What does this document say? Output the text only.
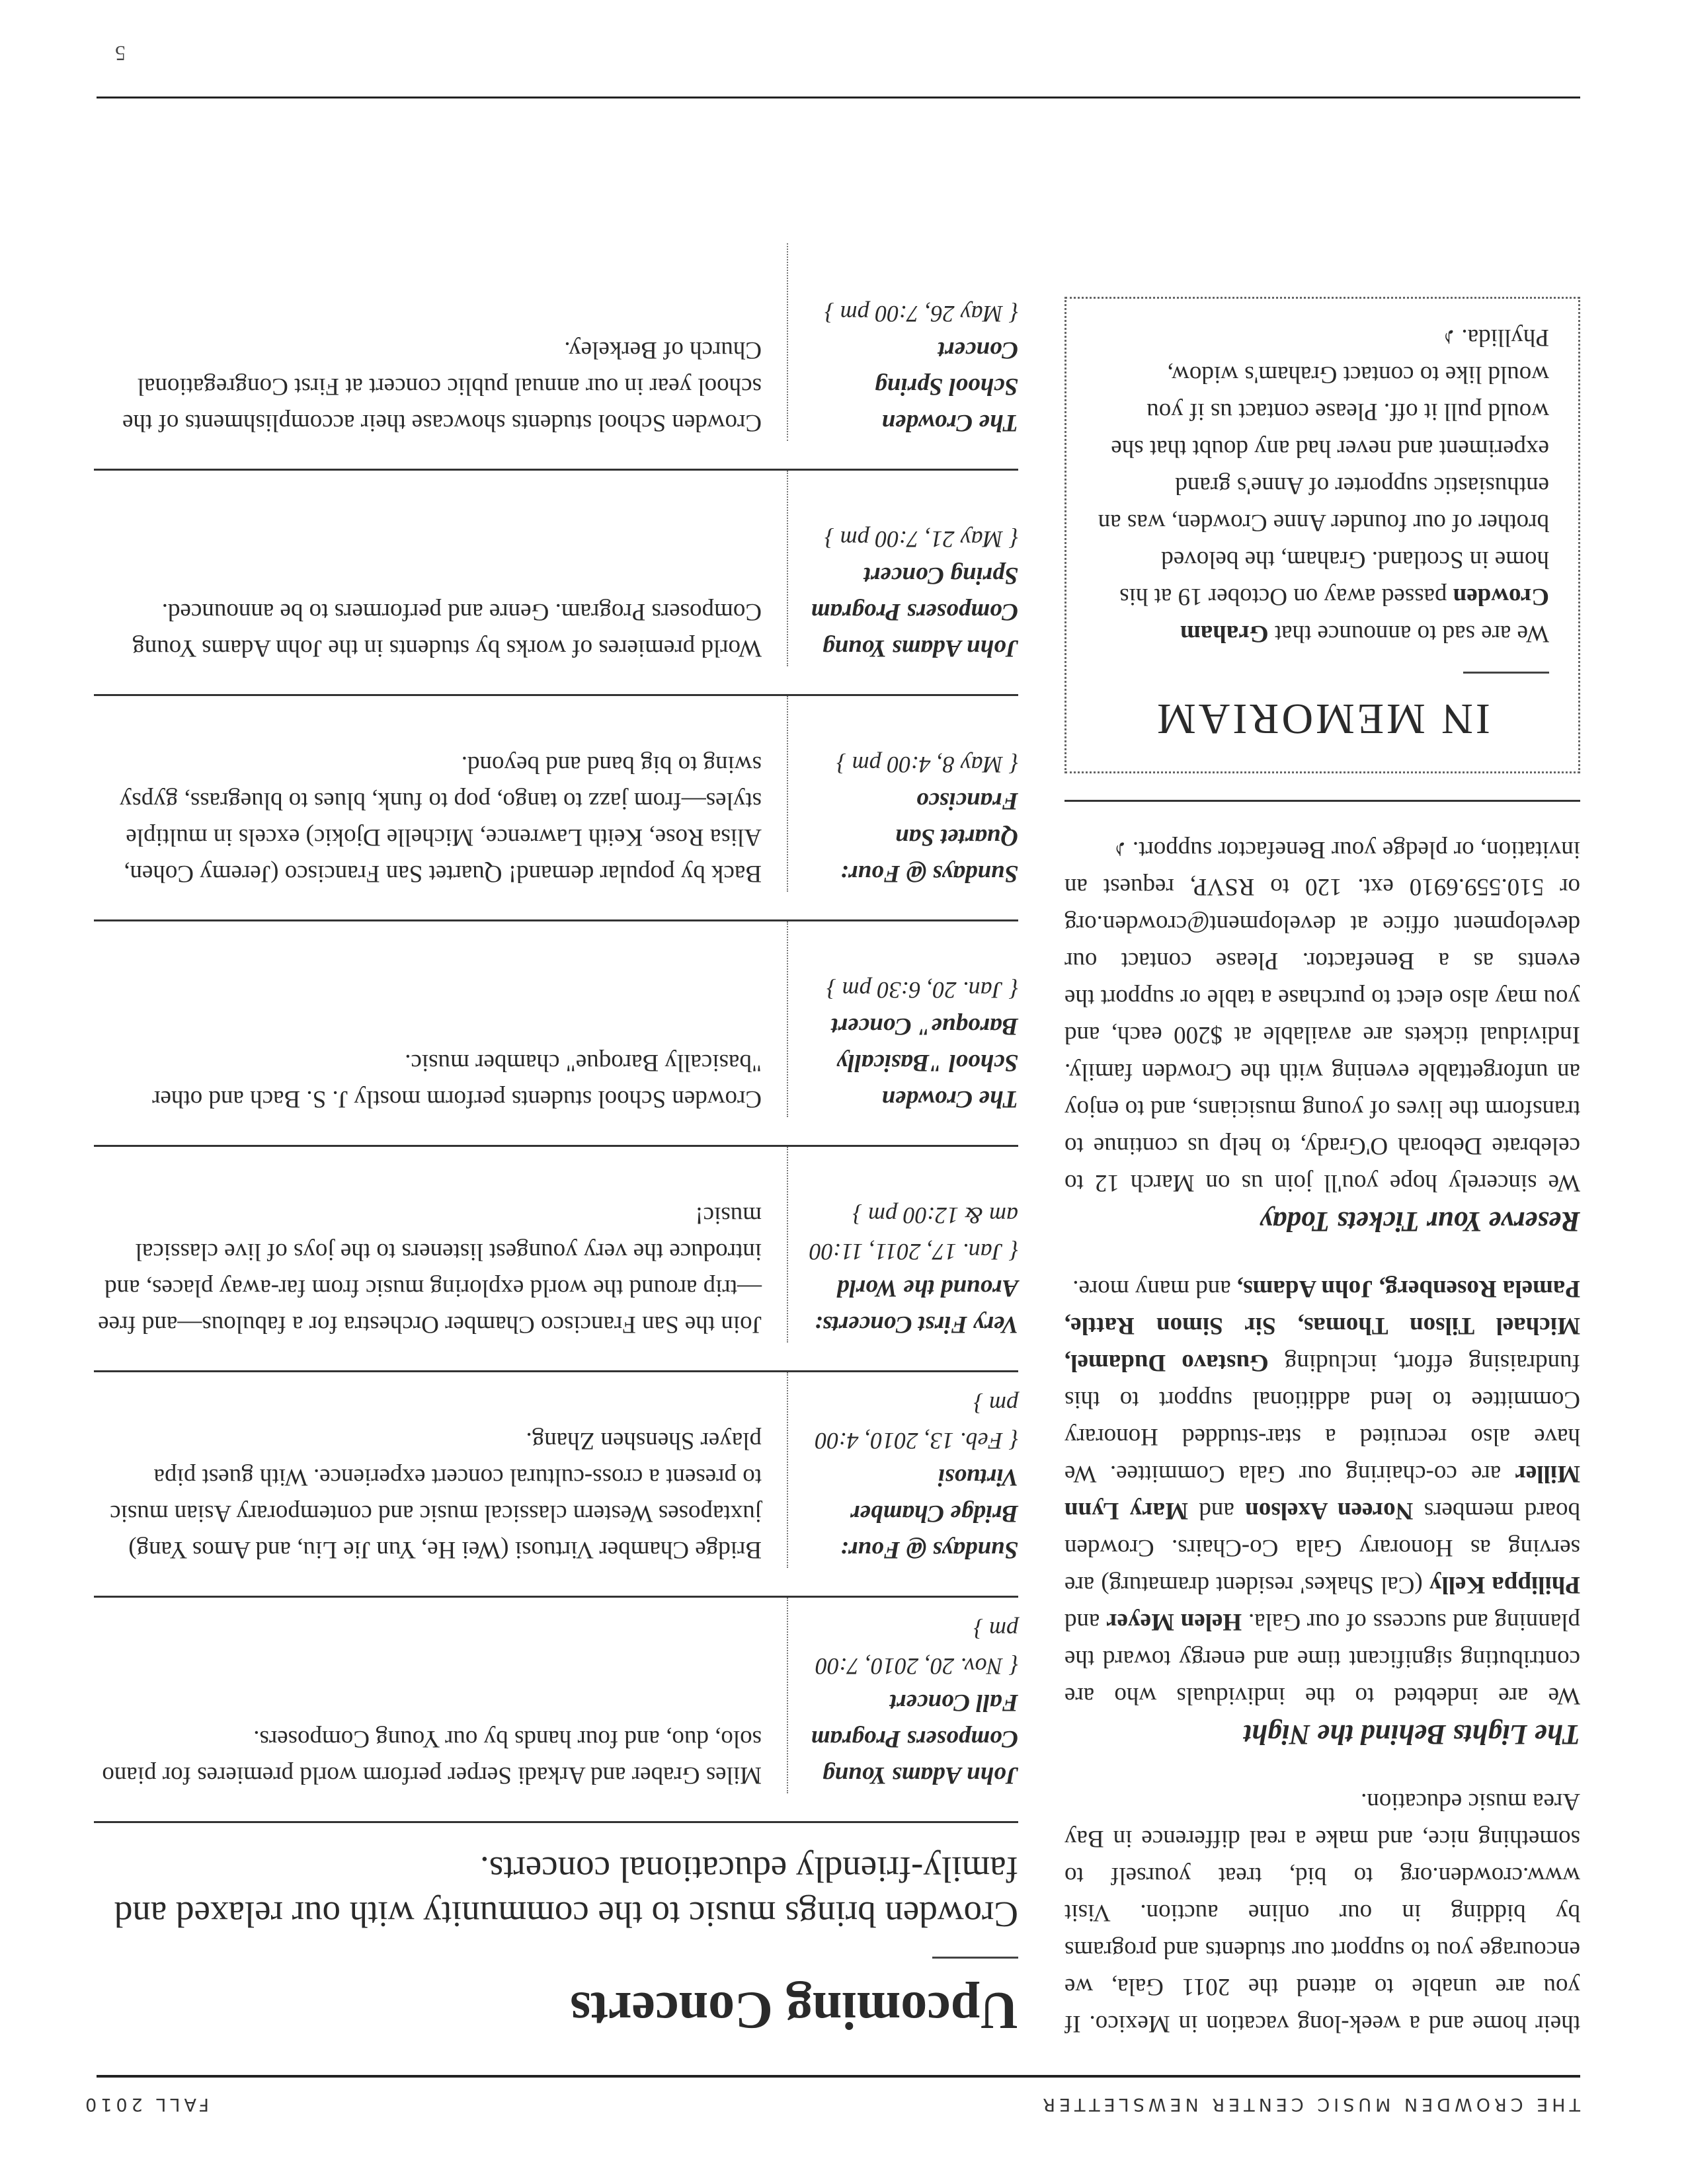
THE CROWDEN MUSIC CENTER NEWSLETTER
FALL 2010

their home and a week-long vacation in Mexico. If you are unable to attend the 2011 Gala, we encourage you to support our students and programs by bidding in our online auction. Visit www.crowden.org to bid, treat yourself to something nice, and make a real difference in Bay Area music education.

The Lights Behind the Night

We are indebted to the individuals who are contributing significant time and energy toward the planning and success of our Gala. Helen Meyer and Philippa Kelly (Cal Shakes' resident dramaturg) are serving as Honorary Gala Co-Chairs. Crowden board members Noreen Axelson and Mary Lynn Miller are co-chairing our Gala Committee. We have also recruited a star-studded Honorary Committee to lend additional support to this fundraising effort, including Gustavo Dudamel, Michael Tilson Thomas, Sir Simon Rattle, Pamela Rosenberg, John Adams, and many more.

Reserve Your Tickets Today

We sincerely hope you'll join us on March 12 to celebrate Deborah O'Grady, to help us continue to transform the lives of young musicians, and to enjoy an unforgettable evening with the Crowden family. Individual tickets are available at $200 each, and you may also elect to purchase a table or support the events as a Benefactor. Please contact our development office at development@crowden.org or 510.559.6910 ext. 120 to RSVP, request an invitation, or pledge your Benefactor support. ♪

IN MEMORIAM

We are sad to announce that Graham Crowden passed away on October 19 at his home in Scotland. Graham, the beloved brother of our founder Anne Crowden, was an enthusiastic supporter of Anne's grand experiment and never had any doubt that she would pull it off. Please contact us if you would like to contact Graham's widow, Phyllida. ♪

Upcoming Concerts

Crowden brings music to the community with our relaxed and family-friendly educational concerts.

John Adams Young Composers Program Fall Concert
{ Nov. 20, 2010, 7:00 pm }
Miles Graber and Arkadi Serper perform world premieres for piano solo, duo, and four hands by our Young Composers.
Sundays @ Four: Bridge Chamber Virtuosi
{ Feb. 13, 2010, 4:00 pm }
Bridge Chamber Virtuosi (Wei He, Yun Jie Liu, and Amos Yang) juxtaposes Western classical music and contemporary Asian music to present a cross-cultural concert experience. With guest pipa player Shenshen Zhang.
Very First Concerts: Around the World
{ Jan. 17, 2011, 11:00 am & 12:00 pm }
Join the San Francisco Chamber Orchestra for a fabulous—and free—trip around the world exploring music from far-away places, and introduce the very youngest listeners to the joys of live classical music!
The Crowden School "Basically Baroque" Concert
{ Jan. 20, 6:30 pm }
Crowden School students perform mostly J. S. Bach and other "basically Baroque" chamber music.
Sundays @ Four: Quartet San Francisco
{ May 8, 4:00 pm }
Back by popular demand! Quartet San Francisco (Jeremy Cohen, Alisa Rose, Keith Lawrence, Michelle Djokic) excels in multiple styles—from jazz to tango, pop to funk, blues to bluegrass, gypsy swing to big band and beyond.
John Adams Young Composers Program Spring Concert
{ May 21, 7:00 pm }
World premieres of works by students in the John Adams Young Composers Program. Genre and performers to be announced.
The Crowden School Spring Concert
{ May 26, 7:00 pm }
Crowden School students showcase their accomplishments of the school year in our annual public concert at First Congregational Church of Berkeley.
5
